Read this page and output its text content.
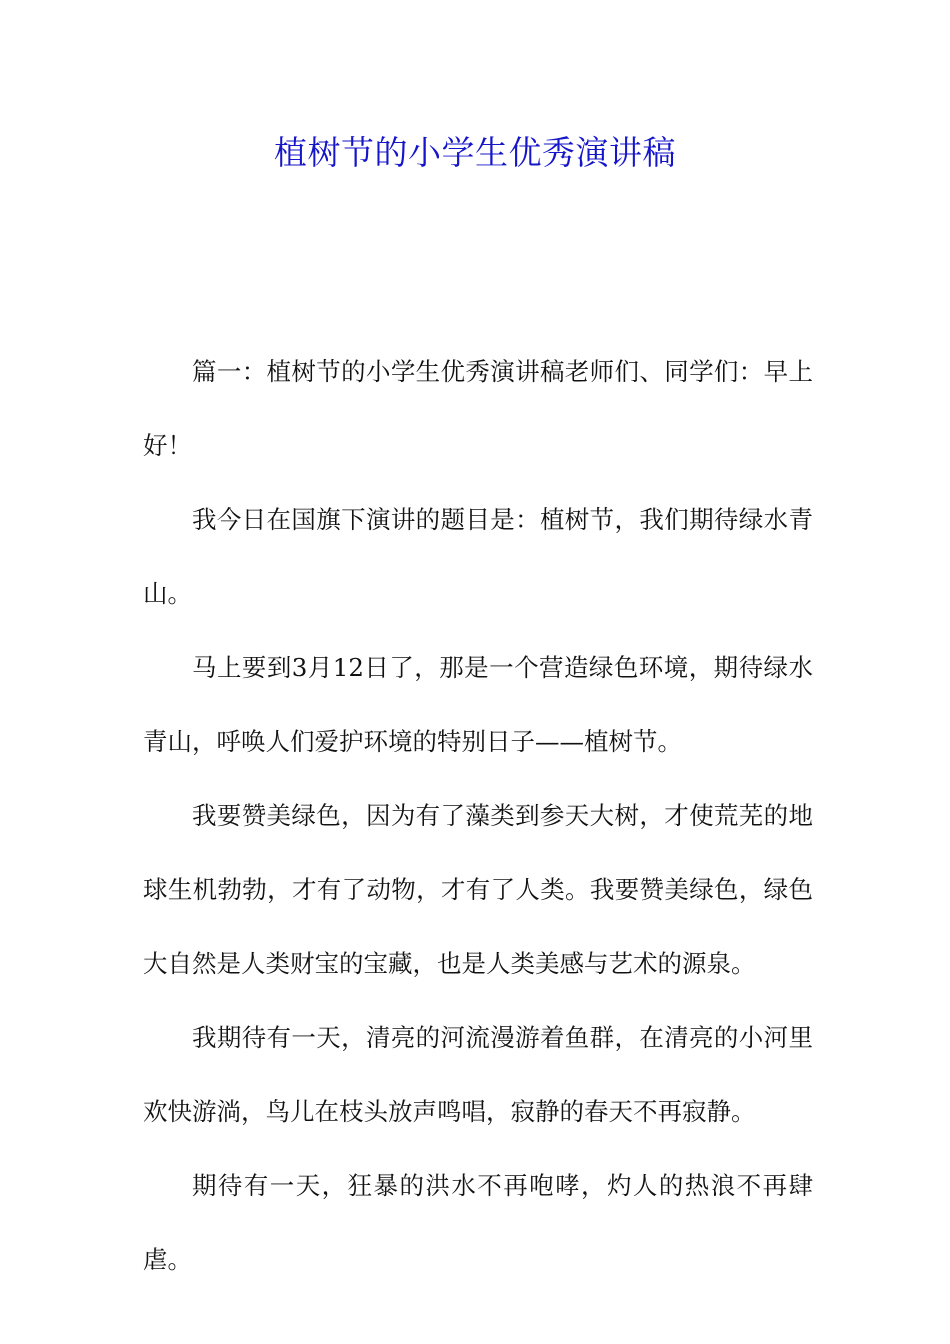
植树节的小学生优秀演讲稿

篇一：植树节的小学生优秀演讲稿老师们、同学们：早上好！

我今日在国旗下演讲的题目是：植树节，我们期待绿水青山。

马上要到3月12日了，那是一个营造绿色环境，期待绿水青山，呼唤人们爱护环境的特别日子——植树节。

我要赞美绿色，因为有了藻类到参天大树，才使荒芜的地球生机勃勃，才有了动物，才有了人类。我要赞美绿色，绿色大自然是人类财宝的宝藏，也是人类美感与艺术的源泉。

我期待有一天，清亮的河流漫游着鱼群，在清亮的小河里欢快游淌，鸟儿在枝头放声鸣唱，寂静的春天不再寂静。

期待有一天，狂暴的洪水不再咆哮，灼人的热浪不再肆虐。
